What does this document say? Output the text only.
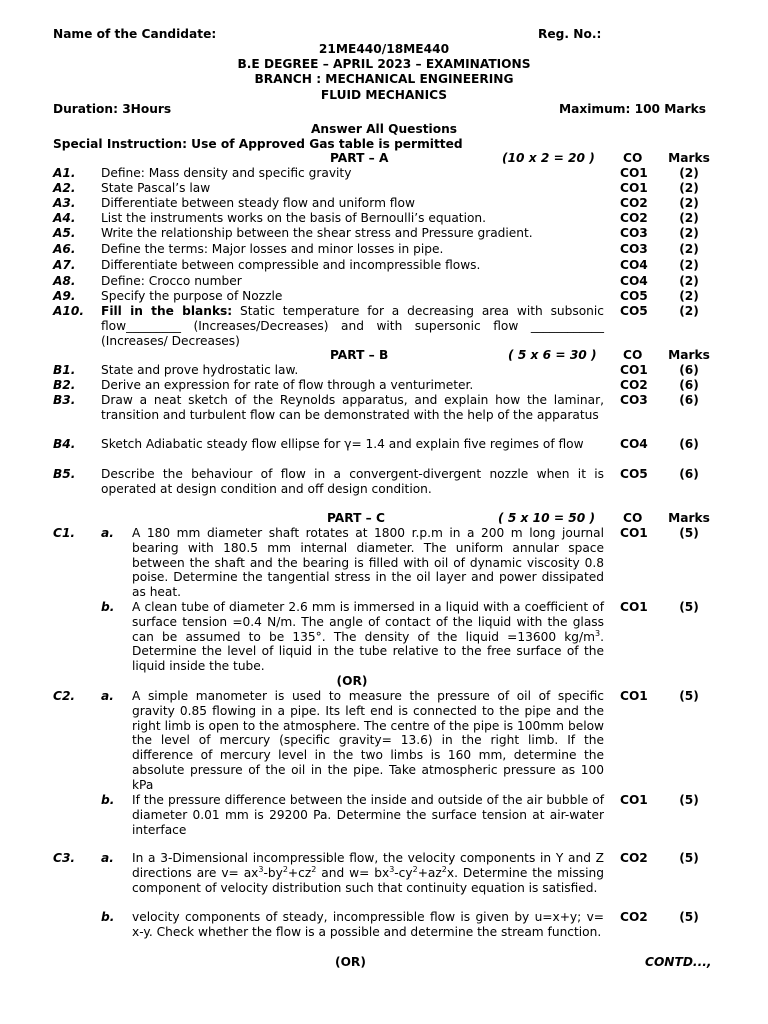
Name of the Candidate:	Reg. No.:
21ME440/18ME440
B.E DEGREE – APRIL 2023 – EXAMINATIONS
BRANCH : MECHANICAL ENGINEERING
FLUID MECHANICS
Duration: 3Hours	Maximum: 100 Marks
Answer All Questions
Special Instruction: Use of Approved Gas table is permitted
PART – A	(10 x 2 = 20 ) CO	Marks
A1. Define: Mass density and specific gravity	CO1	(2)
A2. State Pascal’s law	CO1	(2)
A3. Differentiate between steady flow and uniform flow	CO2	(2)
A4. List the instruments works on the basis of Bernoulli’s equation.	CO2	(2)
A5. Write the relationship between the shear stress and Pressure gradient.	CO3	(2)
A6. Define the terms: Major losses and minor losses in pipe.	CO3	(2)
A7. Differentiate between compressible and incompressible flows.	CO4	(2)
A8. Define: Crocco number	CO4	(2)
A9. Specify the purpose of Nozzle	CO5	(2)
A10. Fill in the blanks: Static temperature for a decreasing area with subsonic flow_________ (Increases/Decreases) and with supersonic flow ____________ (Increases/ Decreases)
CO5	(2)
PART – B	( 5 x 6 = 30 ) CO	Marks
B1. State and prove hydrostatic law.	CO1	(6)
B2. Derive an expression for rate of flow through a venturimeter.	CO2	(6)
B3. Draw a neat sketch of the Reynolds apparatus, and explain how the laminar, transition and turbulent flow can be demonstrated with the help of the apparatus
CO3	(6)
B4. Sketch Adiabatic steady flow ellipse for γ= 1.4 and explain five regimes of flow	CO4	(6)
B5. Describe the behaviour of flow in a convergent-divergent nozzle when it is operated at design condition and off design condition.
CO5	(6)
PART – C	( 5 x 10 = 50 ) CO	Marks
C1. a. A 180 mm diameter shaft rotates at 1800 r.p.m in a 200 m long journal bearing with 180.5 mm internal diameter. The uniform annular space between the shaft and the bearing is filled with oil of dynamic viscosity 0.8 poise. Determine the tangential stress in the oil layer and power dissipated as heat.
CO1	(5)
b. A clean tube of diameter 2.6 mm is immersed in a liquid with a coefficient of surface tension =0.4 N/m. The angle of contact of the liquid with the glass can be assumed to be 135°. The density of the liquid =13600 $kg/m^3$. Determine the level of liquid in the tube relative to the free surface of the liquid inside the tube.
CO1	(5)
(OR)
C2. a. A simple manometer is used to measure the pressure of oil of specific gravity 0.85 flowing in a pipe. Its left end is connected to the pipe and the right limb is open to the atmosphere. The centre of the pipe is 100mm below the level of mercury (specific gravity= 13.6) in the right limb. If the difference of mercury level in the two limbs is 160 mm, determine the absolute pressure of the oil in the pipe. Take atmospheric pressure as 100 kPa
CO1	(5)
b. If the pressure difference between the inside and outside of the air bubble of diameter 0.01 mm is 29200 Pa. Determine the surface tension at air-water interface
CO1	(5)
C3. a. In a 3-Dimensional incompressible flow, the velocity components in Y and Z directions are $v= ax^3-by^2+cz^2$ and $w= bx^3-cy^2+az^2x$. Determine the missing component of velocity distribution such that continuity equation is satisfied.
CO2	(5)
b. velocity components of steady, incompressible flow is given by u=x+y; v= x-y. Check whether the flow is a possible and determine the stream function.
CO2	(5)
(OR)	CONTD...,
